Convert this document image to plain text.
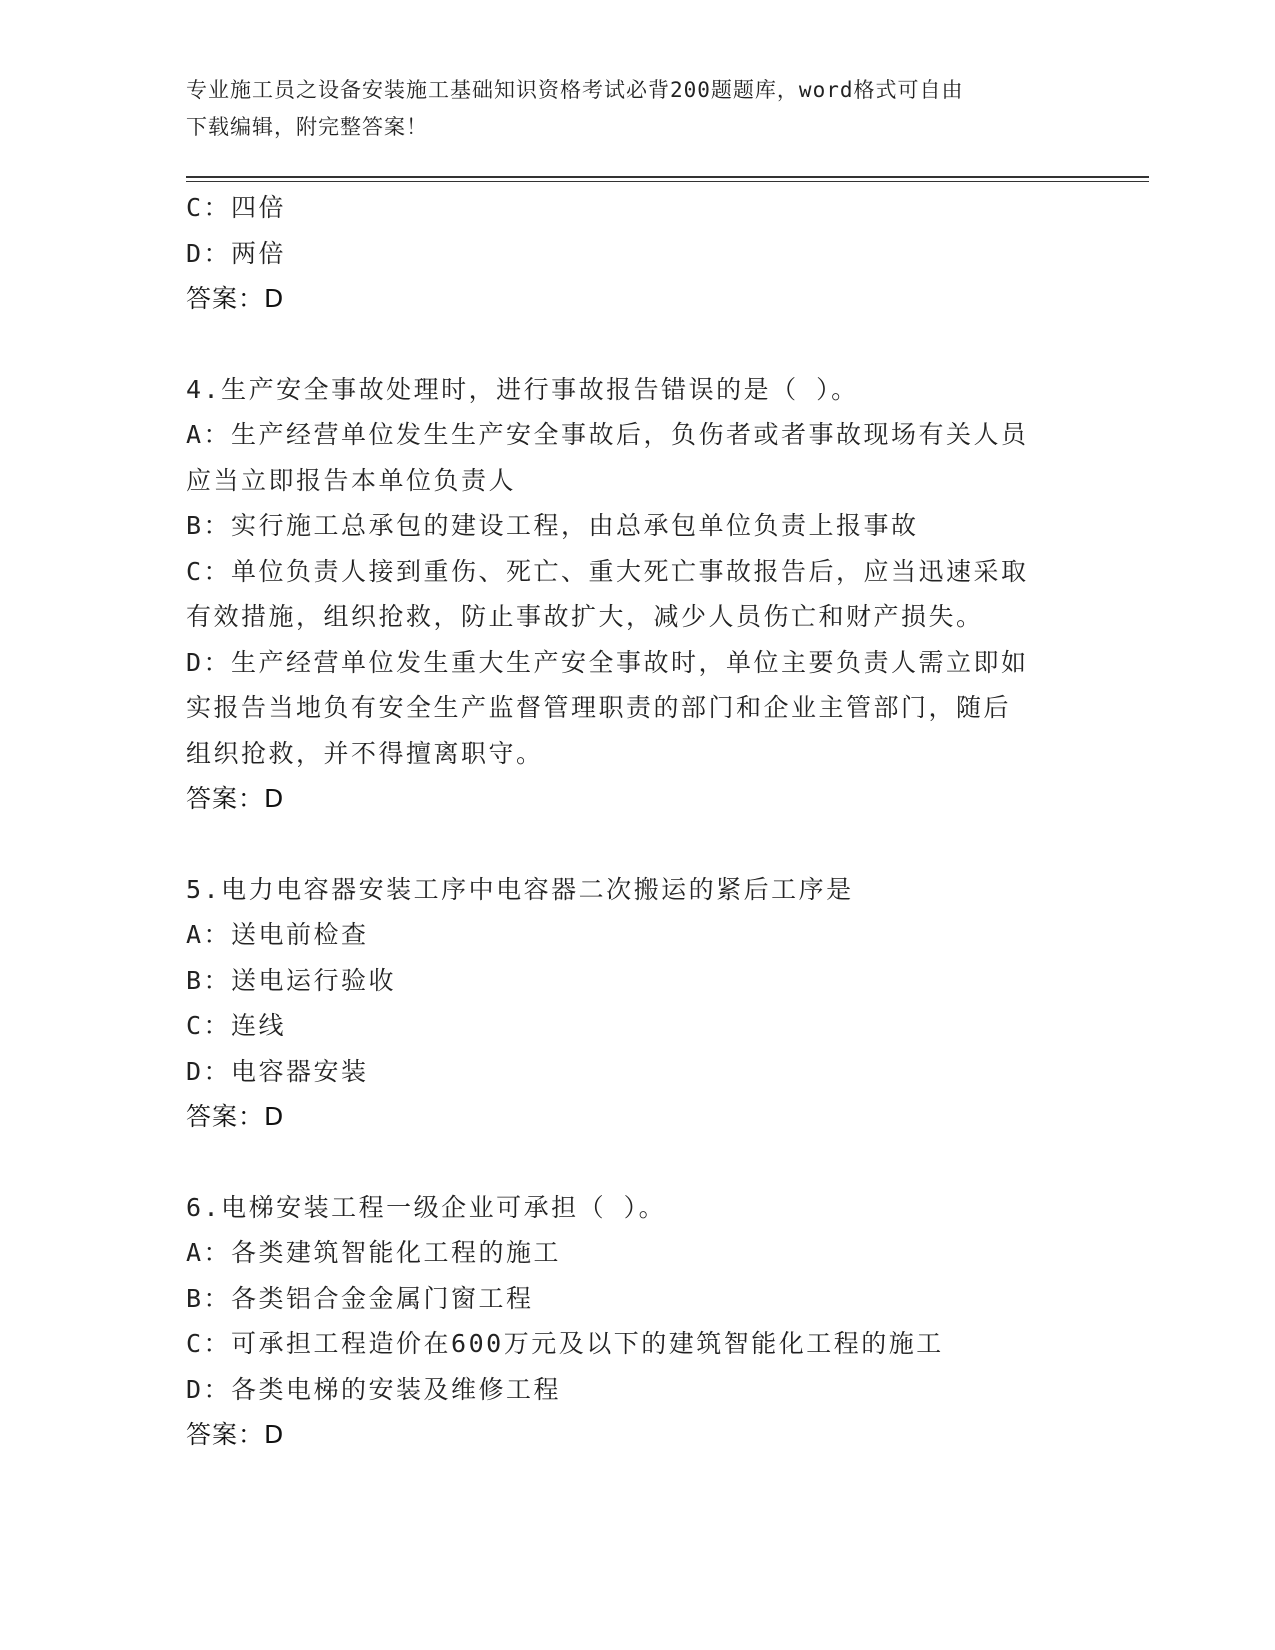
专业施工员之设备安装施工基础知识资格考试必背200题题库，word格式可自由
下载编辑，附完整答案！
C：四倍
D：两倍
答案：D
4.生产安全事故处理时，进行事故报告错误的是（ ）。
A：生产经营单位发生生产安全事故后，负伤者或者事故现场有关人员
应当立即报告本单位负责人
B：实行施工总承包的建设工程，由总承包单位负责上报事故
C：单位负责人接到重伤、死亡、重大死亡事故报告后，应当迅速采取
有效措施，组织抢救，防止事故扩大，减少人员伤亡和财产损失。
D：生产经营单位发生重大生产安全事故时，单位主要负责人需立即如
实报告当地负有安全生产监督管理职责的部门和企业主管部门，随后
组织抢救，并不得擅离职守。
答案：D
5.电力电容器安装工序中电容器二次搬运的紧后工序是
A：送电前检查
B：送电运行验收
C：连线
D：电容器安装
答案：D
6.电梯安装工程一级企业可承担（ ）。
A：各类建筑智能化工程的施工
B：各类铝合金金属门窗工程
C：可承担工程造价在600万元及以下的建筑智能化工程的施工
D：各类电梯的安装及维修工程
答案：D
